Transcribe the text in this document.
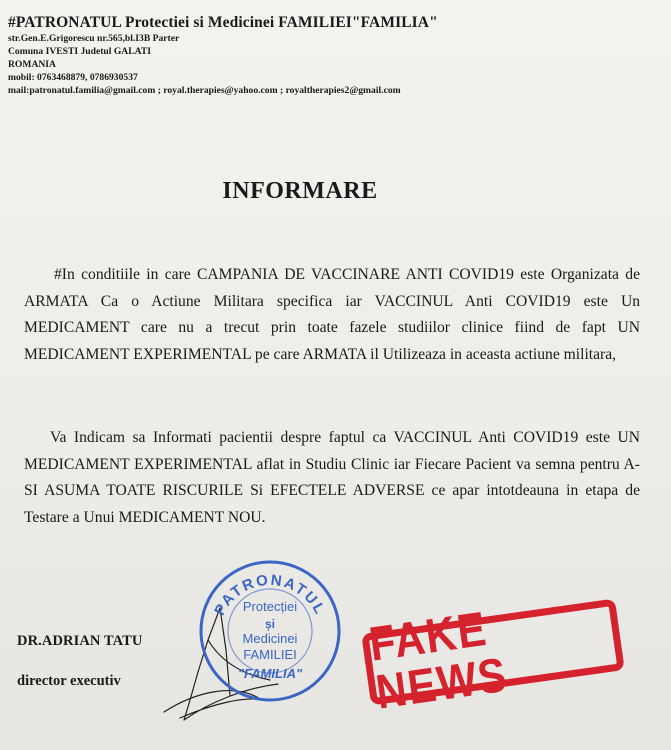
#PATRONATUL Protectiei si Medicinei FAMILIEI"FAMILIA"
str.Gen.E.Grigorescu nr.565,bl.I3B Parter
Comuna IVESTI Judetul GALATI
ROMANIA
mobil: 0763468879, 0786930537
mail:patronatul.familia@gmail.com ; royal.therapies@yahoo.com ; royaltherapies2@gmail.com
INFORMARE
#In conditiile in care CAMPANIA DE VACCINARE ANTI COVID19 este Organizata de ARMATA Ca o Actiune Militara specifica iar VACCINUL Anti COVID19 este Un MEDICAMENT care nu a trecut prin toate fazele studiilor clinice fiind de fapt UN MEDICAMENT EXPERIMENTAL pe care ARMATA il Utilizeaza in aceasta actiune militara,
Va Indicam sa Informati pacientii despre faptul ca VACCINUL Anti COVID19 este UN MEDICAMENT EXPERIMENTAL aflat in Studiu Clinic iar Fiecare Pacient va semna pentru A-SI ASUMA TOATE RISCURILE Si EFECTELE ADVERSE ce apar intotdeauna in etapa de Testare a Unui MEDICAMENT NOU.
DR.ADRIAN TATU
director executiv
PATRONATUL
Protecției
și
Medicinei
FAMILIEI
"FAMILIA"
FAKE NEWS
